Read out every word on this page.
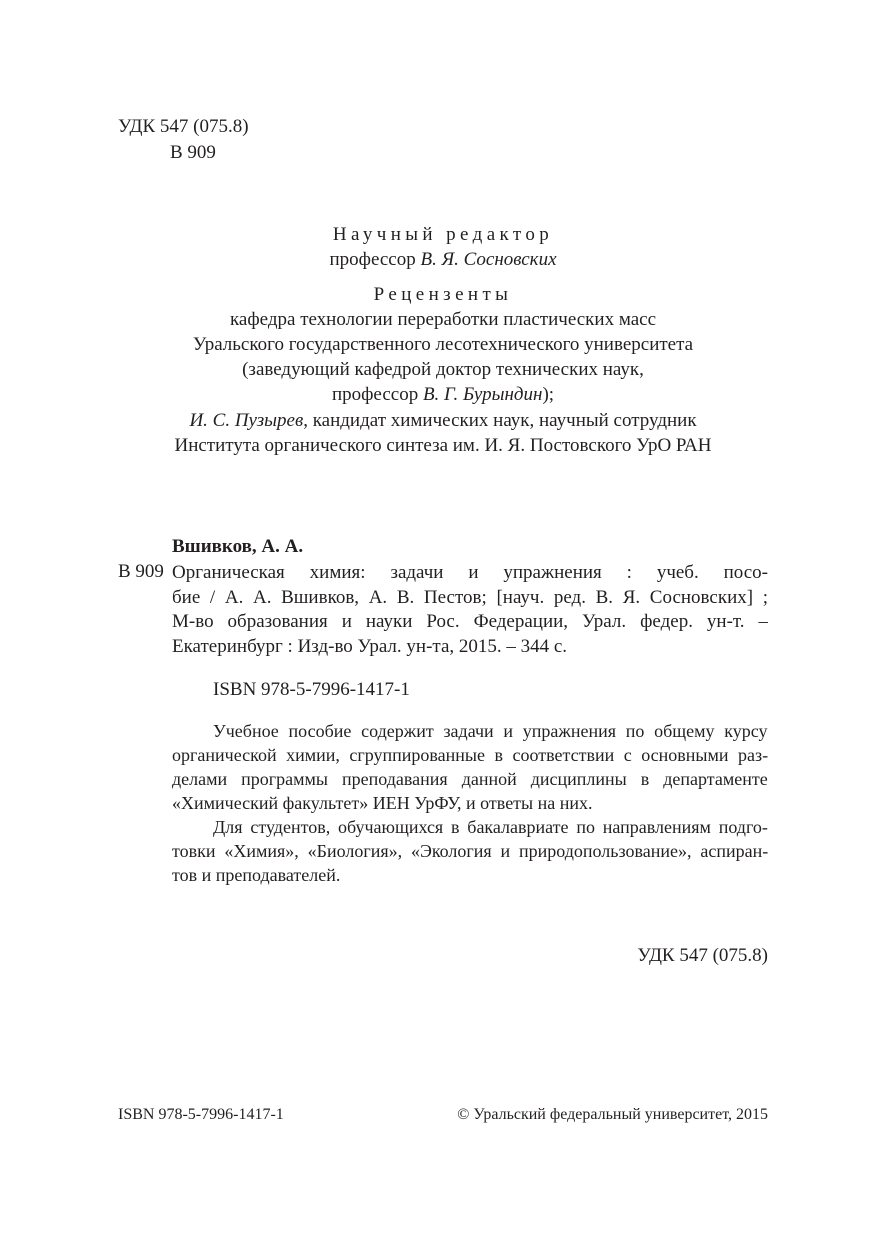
УДК 547 (075.8)
В 909
Научный редактор
профессор В. Я. Сосновских
Рецензенты
кафедра технологии переработки пластических масс
Уральского государственного лесотехнического университета
(заведующий кафедрой доктор технических наук,
профессор В. Г. Бурындин);
И. С. Пузырев, кандидат химических наук, научный сотрудник
Института органического синтеза им. И. Я. Постовского УрО РАН
Вшивков, А. А.
В 909 Органическая химия: задачи и упражнения : учеб. посо-
бие / А. А. Вшивков, А. В. Пестов; [науч. ред. В. Я. Сосновских] ;
М-во образования и науки Рос. Федерации, Урал. федер. ун-т. –
Екатеринбург : Изд-во Урал. ун-та, 2015. – 344 с.
ISBN 978-5-7996-1417-1
Учебное пособие содержит задачи и упражнения по общему курсу
органической химии, сгруппированные в соответствии с основными раз-
делами программы преподавания данной дисциплины в департаменте
«Химический факультет» ИЕН УрФУ, и ответы на них.
Для студентов, обучающихся в бакалавриате по направлениям подго-
товки «Химия», «Биология», «Экология и природопользование», аспиран-
тов и преподавателей.
УДК 547 (075.8)
ISBN 978-5-7996-1417-1	© Уральский федеральный университет, 2015
